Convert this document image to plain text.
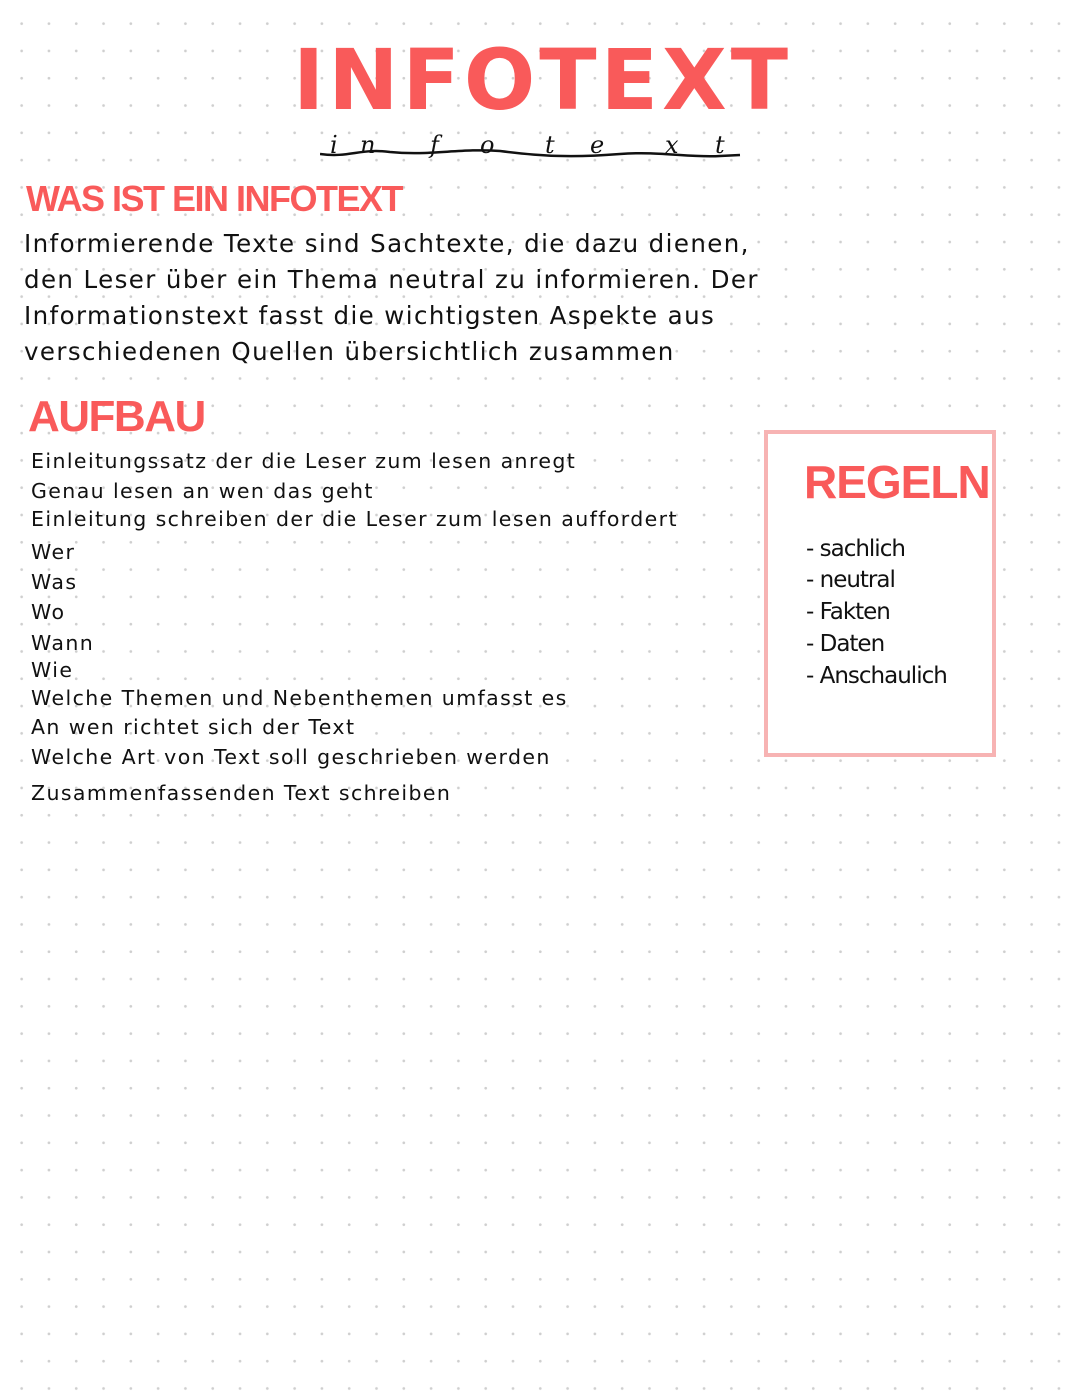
INFOTEXT
i n f o t e	x t
WAS IST EIN INFOTEXT
Informierende Texte sind Sachtexte, die dazu dienen,
den Leser über ein Thema neutral zu informieren. Der
Informationstext fasst die wichtigsten Aspekte aus
verschiedenen Quellen übersichtlich zusammen
AUFBAU
Einleitungssatz der die Leser zum lesen anregt
Genau lesen an wen das geht
Einleitung schreiben der die Leser zum lesen auffordert
Wer
Was
Wo
Wann
Wie
Welche Themen und Nebenthemen umfasst es
An wen richtet sich der Text
Welche Art von Text soll geschrieben werden
Zusammenfassenden Text schreiben
REGELN
- sachlich
- neutral
- Fakten
- Daten
- Anschaulich
